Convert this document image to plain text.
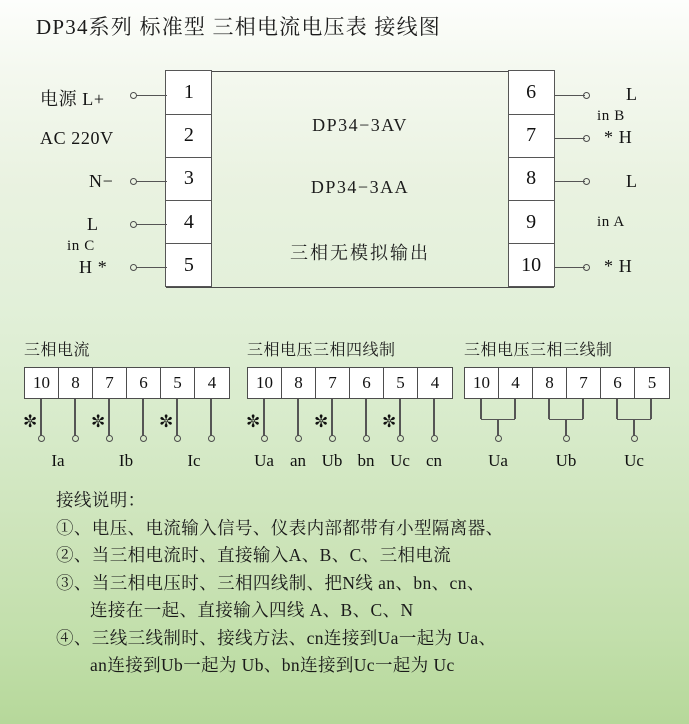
DP34系列 标准型 三相电流电压表 接线图
1
2
3
4
5
DP34−3AV
DP34−3AA
三相无模拟输出
6
7
8
9
10
电源 L+
AC 220V
N−
L
in C
H *
L
in B
* H
L
in A
* H
三相电流
10	8	7	6	5	4
✼	✼	✼
Ia	Ib	Ic
三相电压三相四线制
10	8	7	6	5	4
✼	✼	✼
Ua an Ub bn Uc cn
三相电压三相三线制
10	4	8	7	6	5
Ua	Ub	Uc
接线说明：
①、电压、电流输入信号、仪表内部都带有小型隔离器、
②、当三相电流时、直接输入A、B、C、三相电流
③、当三相电压时、三相四线制、把N线 an、bn、cn、
连接在一起、直接输入四线 A、B、C、N
④、三线三线制时、接线方法、cn连接到Ua一起为 Ua、
an连接到Ub一起为 Ub、bn连接到Uc一起为 Uc
